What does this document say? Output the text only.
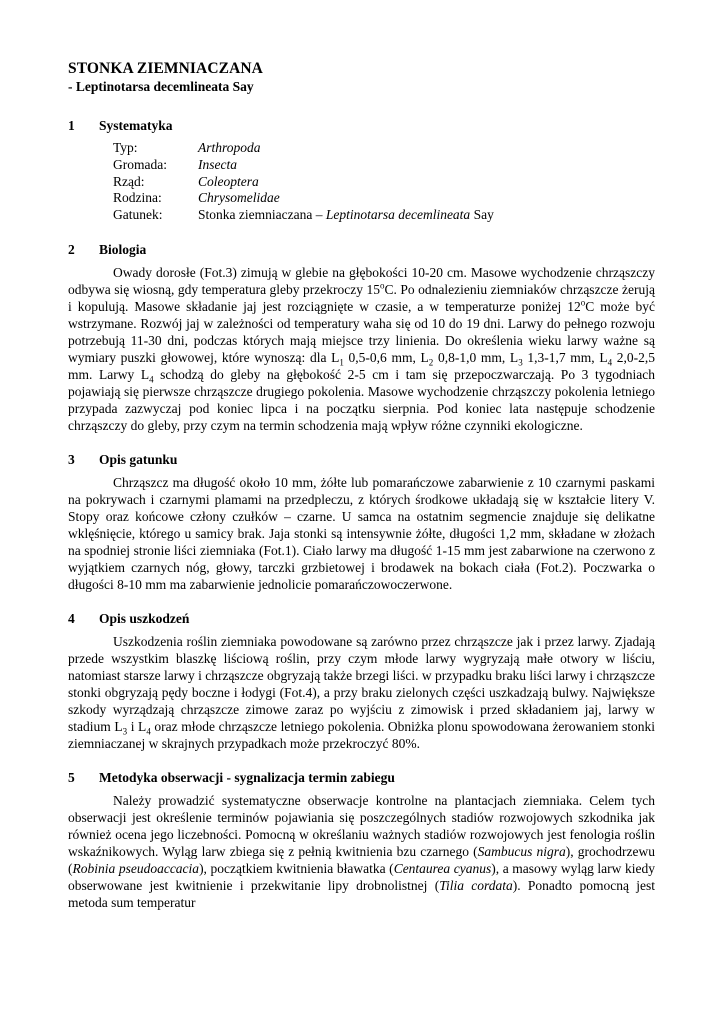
STONKA ZIEMNIACZANA
- Leptinotarsa decemlineata Say
1	Systematyka
Typ:	Arthropoda
Gromada:	Insecta
Rząd:	Coleoptera
Rodzina:	Chrysomelidae
Gatunek:	Stonka ziemniaczana – Leptinotarsa decemlineata Say
2	Biologia

Owady dorosłe (Fot.3) zimują w glebie na głębokości 10-20 cm. Masowe wychodzenie chrząszczy odbywa się wiosną, gdy temperatura gleby przekroczy 15$^o$C. Po odnalezieniu ziemniaków chrząszcze żerują i kopulują. Masowe składanie jaj jest rozciągnięte w czasie, a w temperaturze poniżej 12$^o$C może być wstrzymane. Rozwój jaj w zależności od temperatury waha się od 10 do 19 dni. Larwy do pełnego rozwoju potrzebują 11-30 dni, podczas których mają miejsce trzy linienia. Do określenia wieku larwy ważne są wymiary puszki głowowej, które wynoszą: dla $L_1$ 0,5-0,6 mm, $L_2$ 0,8-1,0 mm, $L_3$ 1,3-1,7 mm, $L_4$ 2,0-2,5 mm. Larwy $L_4$ schodzą do gleby na głębokość 2-5 cm i tam się przepoczwarczają. Po 3 tygodniach pojawiają się pierwsze chrząszcze drugiego pokolenia. Masowe wychodzenie chrząszczy pokolenia letniego przypada zazwyczaj pod koniec lipca i na początku sierpnia. Pod koniec lata następuje schodzenie chrząszczy do gleby, przy czym na termin schodzenia mają wpływ różne czynniki ekologiczne.

3	Opis gatunku

Chrząszcz ma długość około 10 mm, żółte lub pomarańczowe zabarwienie z 10 czarnymi paskami na pokrywach i czarnymi plamami na przedpleczu, z których środkowe układają się w kształcie litery V. Stopy oraz końcowe człony czułków – czarne. U samca na ostatnim segmencie znajduje się delikatne wklęśnięcie, którego u samicy brak. Jaja stonki są intensywnie żółte, długości 1,2 mm, składane w złożach na spodniej stronie liści ziemniaka (Fot.1). Ciało larwy ma długość 1-15 mm jest zabarwione na czerwono z wyjątkiem czarnych nóg, głowy, tarczki grzbietowej i brodawek na bokach ciała (Fot.2). Poczwarka o długości 8-10 mm ma zabarwienie jednolicie pomarańczowoczerwone.

4	Opis uszkodzeń

Uszkodzenia roślin ziemniaka powodowane są zarówno przez chrząszcze jak i przez larwy. Zjadają przede wszystkim blaszkę liściową roślin, przy czym młode larwy wygryzają małe otwory w liściu, natomiast starsze larwy i chrząszcze obgryzają także brzegi liści. w przypadku braku liści larwy i chrząszcze stonki obgryzają pędy boczne i łodygi (Fot.4), a przy braku zielonych części uszkadzają bulwy. Największe szkody wyrządzają chrząszcze zimowe zaraz po wyjściu z zimowisk i przed składaniem jaj, larwy w stadium $L_3$ i $L_4$ oraz młode chrząszcze letniego pokolenia. Obniżka plonu spowodowana żerowaniem stonki ziemniaczanej w skrajnych przypadkach może przekroczyć 80%.

5	Metodyka obserwacji - sygnalizacja termin zabiegu

Należy prowadzić systematyczne obserwacje kontrolne na plantacjach ziemniaka. Celem tych obserwacji jest określenie terminów pojawiania się poszczególnych stadiów rozwojowych szkodnika jak również ocena jego liczebności. Pomocną w określaniu ważnych stadiów rozwojowych jest fenologia roślin wskaźnikowych. Wyląg larw zbiega się z pełnią kwitnienia bzu czarnego (Sambucus nigra), grochodrzewu (Robinia pseudoaccacia), początkiem kwitnienia bławatka (Centaurea cyanus), a masowy wyląg larw kiedy obserwowane jest kwitnienie i przekwitanie lipy drobnolistnej (Tilia cordata). Ponadto pomocną jest metoda sum temperatur
